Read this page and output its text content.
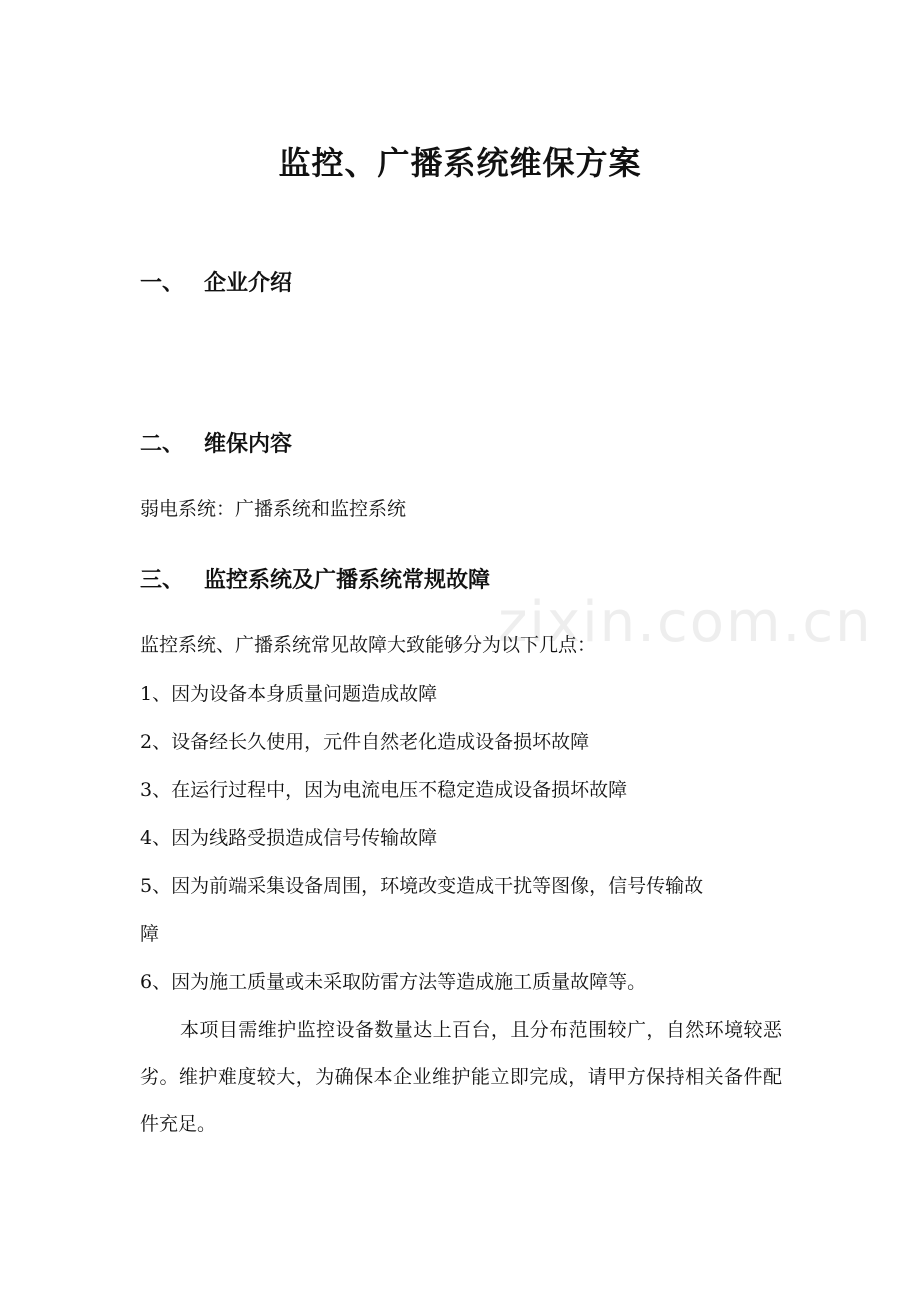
监控、广播系统维保方案
一、 企业介绍
二、 维保内容
弱电系统：广播系统和监控系统
三、 监控系统及广播系统常规故障
zixin.com.cn
监控系统、广播系统常见故障大致能够分为以下几点：
1、因为设备本身质量问题造成故障
2、设备经长久使用，元件自然老化造成设备损坏故障
3、在运行过程中，因为电流电压不稳定造成设备损坏故障
4、因为线路受损造成信号传输故障
5、因为前端采集设备周围，环境改变造成干扰等图像，信号传输故
障
6、因为施工质量或未采取防雷方法等造成施工质量故障等。
本项目需维护监控设备数量达上百台，且分布范围较广，自然环境较恶劣。维护难度较大，为确保本企业维护能立即完成，请甲方保持相关备件配件充足。
